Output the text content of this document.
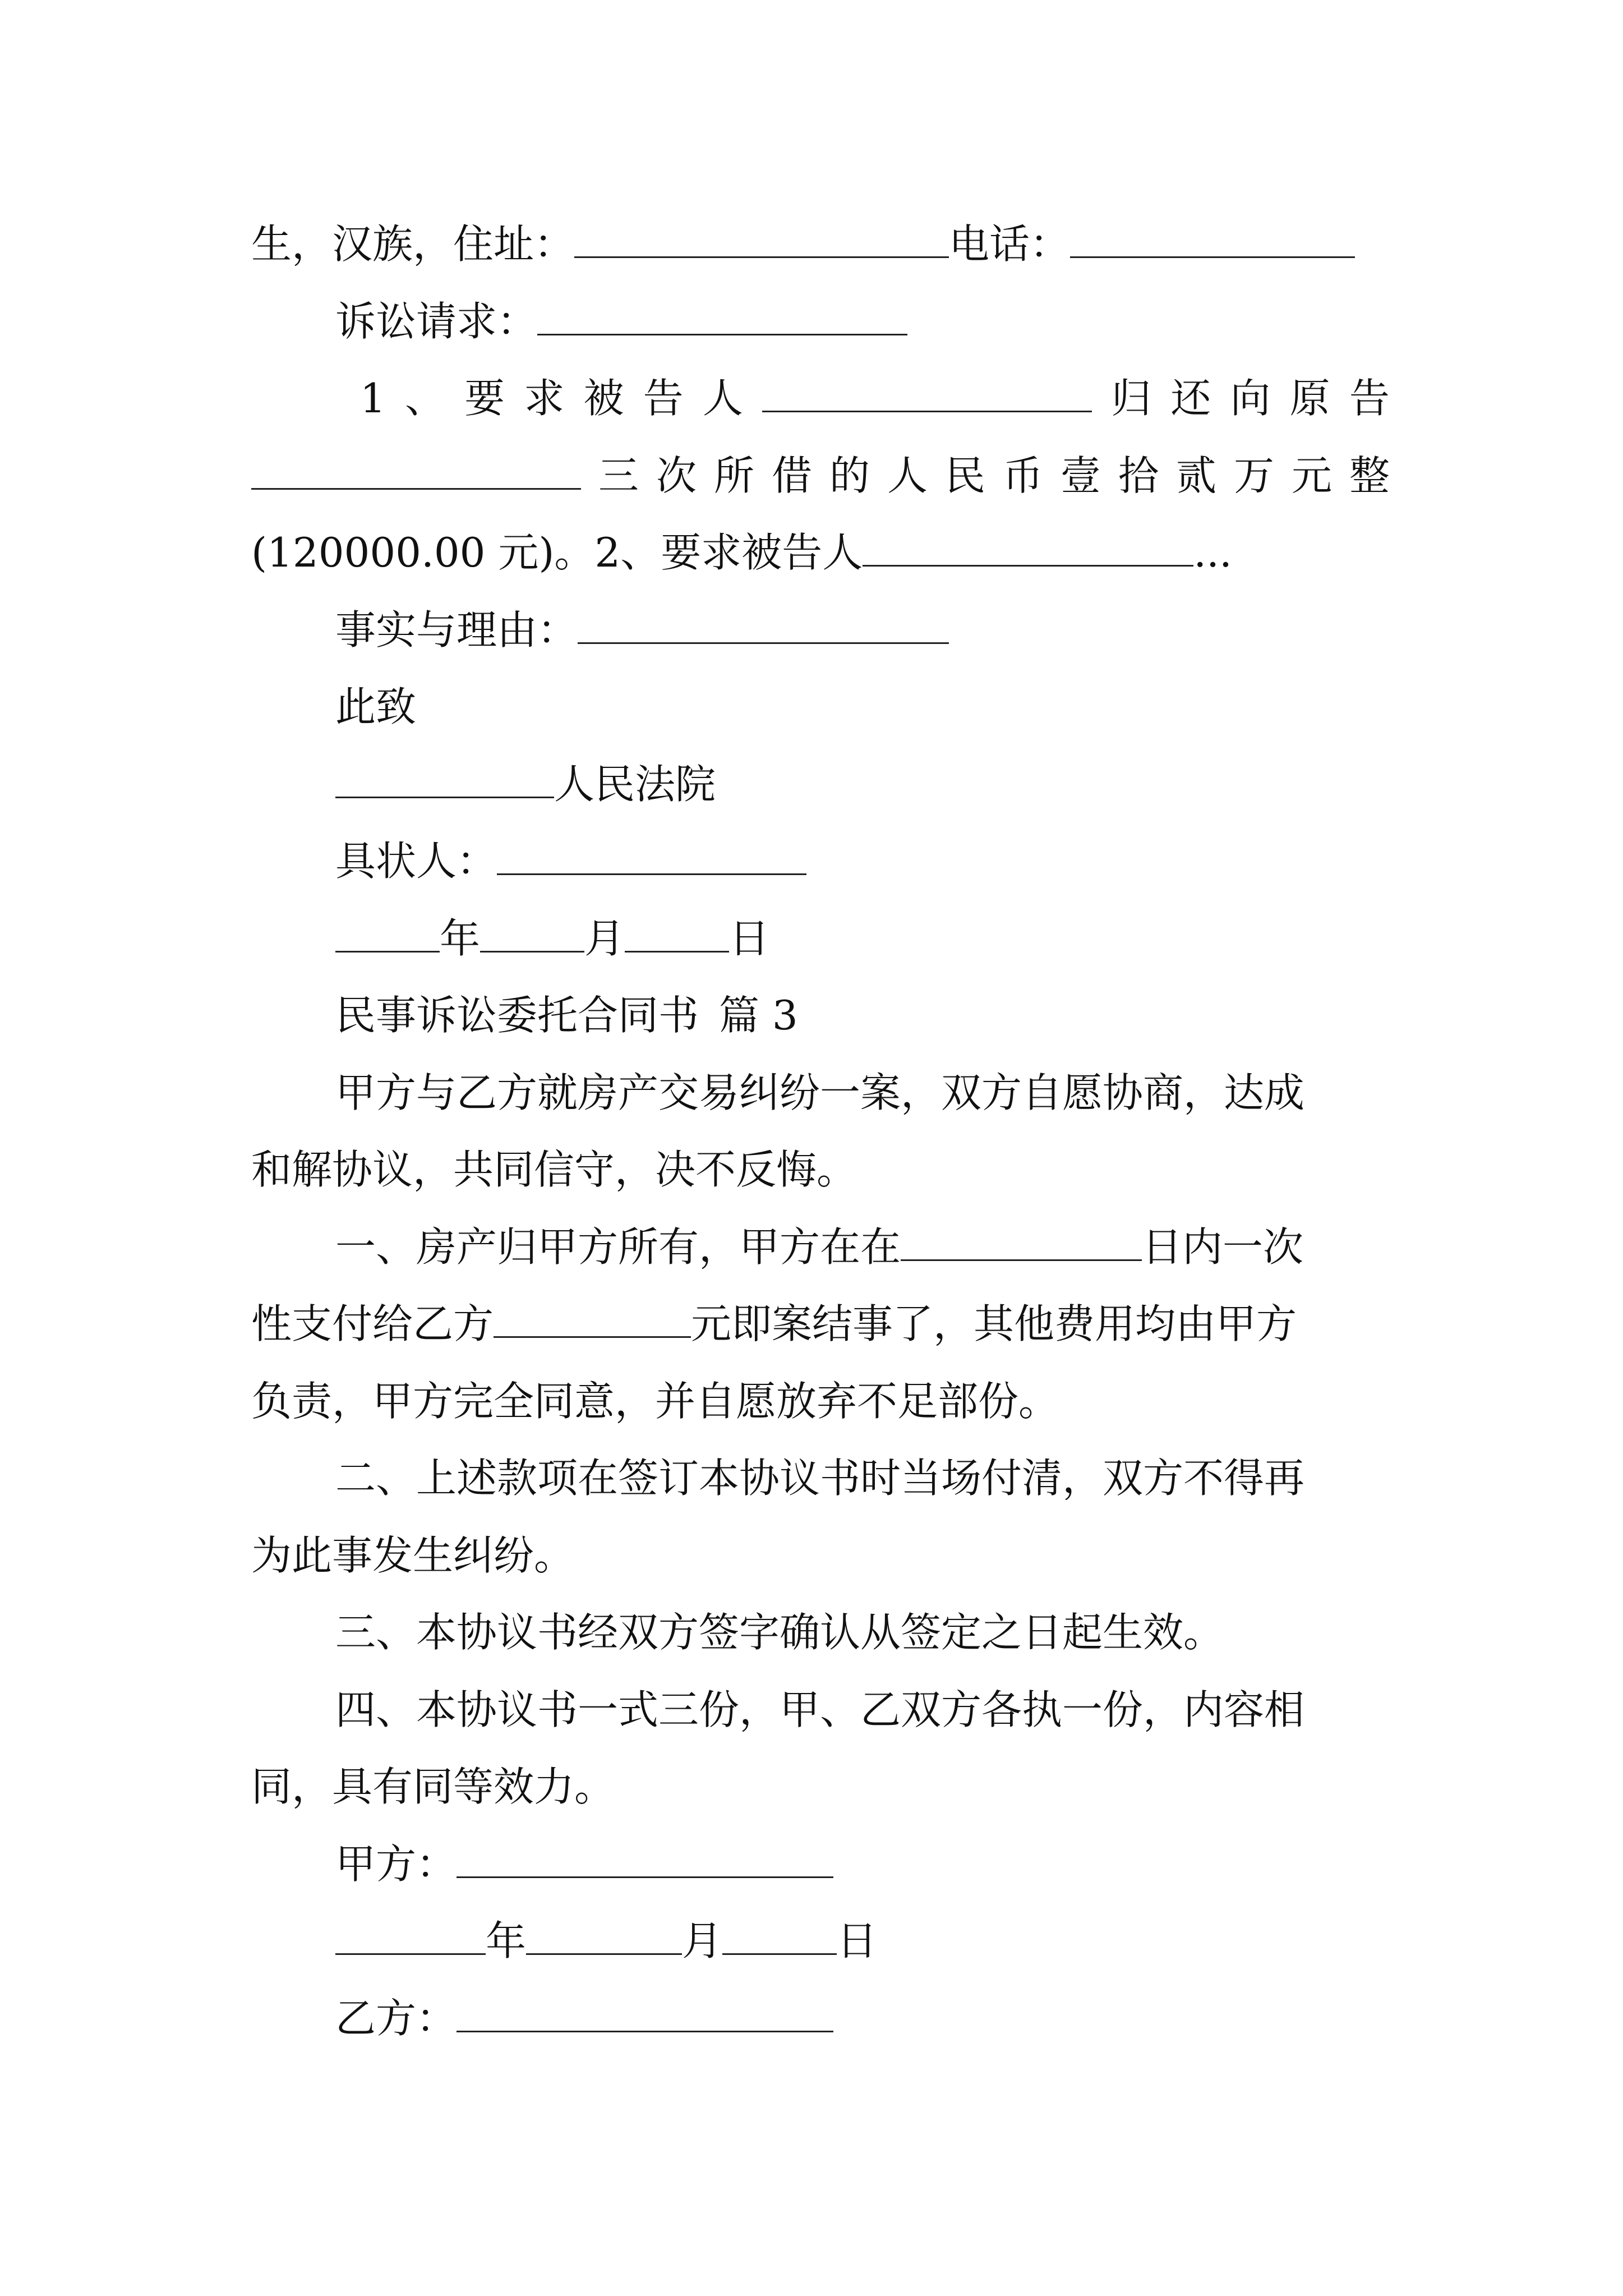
生，汉族，住址：	电话：
诉讼请求：
1 、 要 求 被 告 人	归 还 向 原 告
三 次 所 借 的 人 民 币 壹 拾 贰 万 元 整
(120000.00 元)。2、要求被告人	...
事实与理由：
此致
人民法院
具状人：
年	月	日
民事诉讼委托合同书 篇 3
甲方与乙方就房产交易纠纷一案，双方自愿协商，达成
和解协议，共同信守，决不反悔。
一、房产归甲方所有，甲方在在	日内一次
性支付给乙方	元即案结事了，其他费用均由甲方
负责，甲方完全同意，并自愿放弃不足部份。
二、上述款项在签订本协议书时当场付清，双方不得再
为此事发生纠纷。
三、本协议书经双方签字确认从签定之日起生效。
四、本协议书一式三份，甲、乙双方各执一份，内容相
同，具有同等效力。
甲方：
年	月	日
乙方：
